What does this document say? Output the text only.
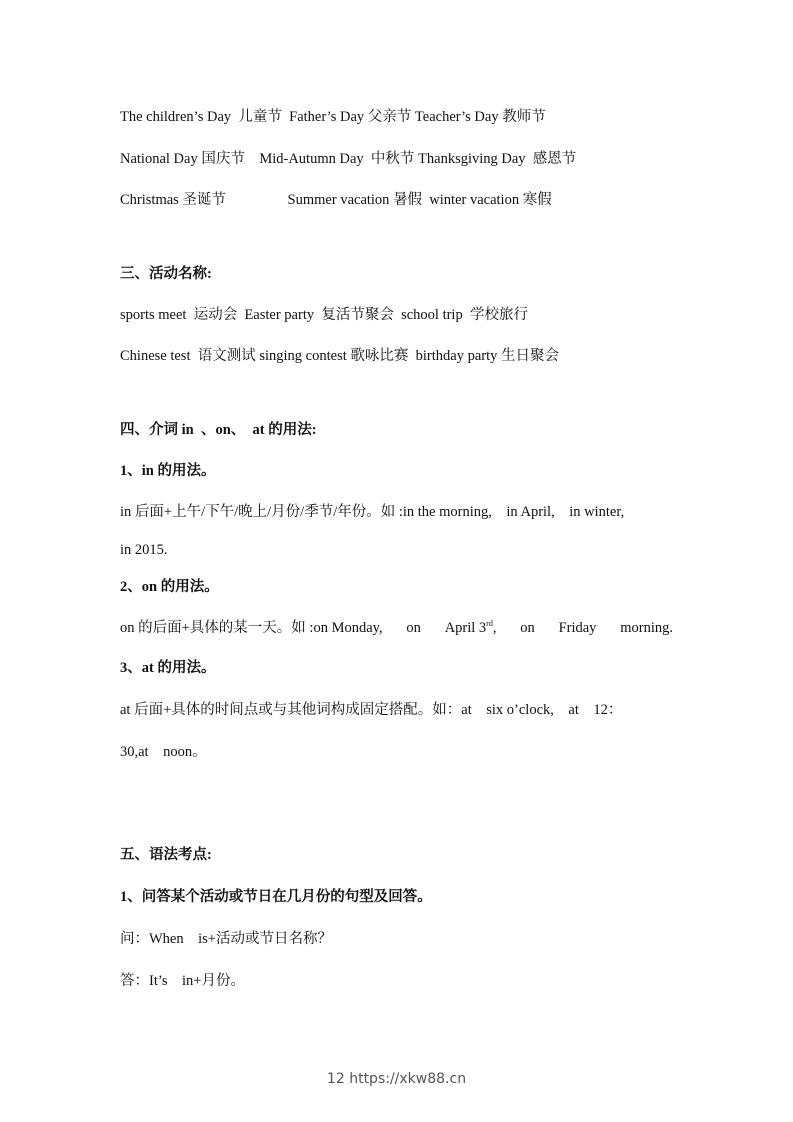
The children’s Day  儿童节  Father’s Day 父亲节 Teacher’s Day 教师节
National Day 国庆节    Mid-Autumn Day  中秋节 Thanksgiving Day  感恩节
Christmas 圣诞节                 Summer vacation 暑假  winter vacation 寒假
三、活动名称:
sports meet  运动会  Easter party  复活节聚会  school trip  学校旅行
Chinese test  语文测试 singing contest 歌咏比赛  birthday party 生日聚会
四、介词 in  、on、  at 的用法:
1、in 的用法。
in 后面+上午/下午/晚上/月份/季节/年份。如 :in the morning,    in April,    in winter,
in 2015.
2、on 的用法。
on 的后面+具体的某一天。如 :on Monday, on April 3rd, on Friday morning.
3、at 的用法。
at 后面+具体的时间点或与其他词构成固定搭配。如：at    six o’clock,    at    12：
30,at    noon。
五、语法考点:
1、问答某个活动或节日在几月份的句型及回答。
问：When    is+活动或节日名称？
答：It’s    in+月份。
12 https://xkw88.cn
